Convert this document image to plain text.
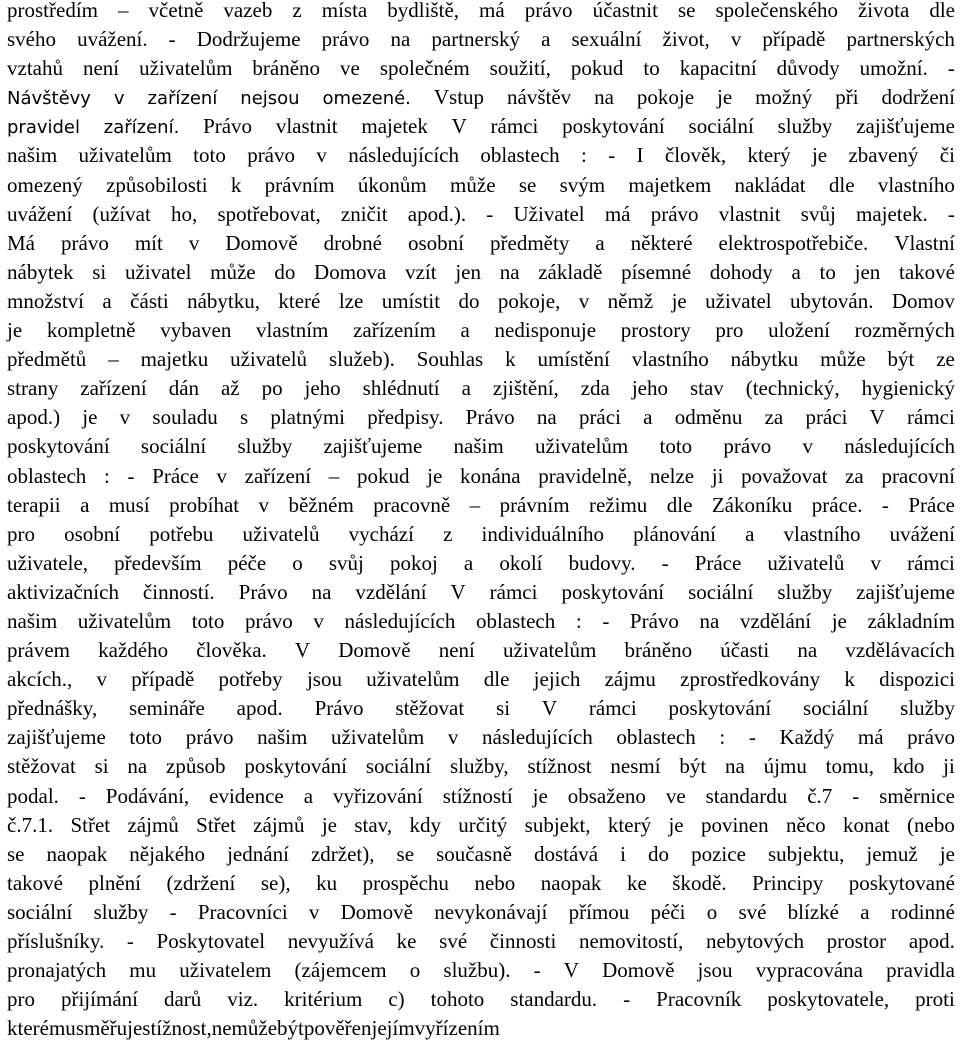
prostředím – včetně vazeb z místa bydliště, má právo účastnit se společenského života dle
svého uvážení. - Dodržujeme právo na partnerský a sexuální život, v případě partnerských
vztahů není uživatelům bráněno ve společném soužití, pokud to kapacitní důvody umožní. -
Návštěvy v zařízení nejsou omezené. Vstup návštěv na pokoje je možný při dodržení
pravidel zařízení. Právo vlastnit majetek V rámci poskytování sociální služby zajišťujeme
našim uživatelům toto právo v následujících oblastech : - I člověk, který je zbavený či
omezený způsobilosti k právním úkonům může se svým majetkem nakládat dle vlastního
uvážení (užívat ho, spotřebovat, zničit apod.). - Uživatel má právo vlastnit svůj majetek. -
Má právo mít v Domově drobné osobní předměty a některé elektrospotřebiče. Vlastní
nábytek si uživatel může do Domova vzít jen na základě písemné dohody a to jen takové
množství a části nábytku, které lze umístit do pokoje, v němž je uživatel ubytován. Domov
je kompletně vybaven vlastním zařízením a nedisponuje prostory pro uložení rozměrných
předmětů – majetku uživatelů služeb). Souhlas k umístění vlastního nábytku může být ze
strany zařízení dán až po jeho shlédnutí a zjištění, zda jeho stav (technický, hygienický
apod.) je v souladu s platnými předpisy. Právo na práci a odměnu za práci V rámci
poskytování sociální služby zajišťujeme našim uživatelům toto právo v následujících
oblastech : - Práce v zařízení – pokud je konána pravidelně, nelze ji považovat za pracovní
terapii a musí probíhat v běžném pracovně – právním režimu dle Zákoníku práce. - Práce
pro osobní potřebu uživatelů vychází z individuálního plánování a vlastního uvážení
uživatele, především péče o svůj pokoj a okolí budovy. - Práce uživatelů v rámci
aktivizačních činností. Právo na vzdělání V rámci poskytování sociální služby zajišťujeme
našim uživatelům toto právo v následujících oblastech : - Právo na vzdělání je základním
právem každého člověka. V Domově není uživatelům bráněno účasti na vzdělávacích
akcích., v případě potřeby jsou uživatelům dle jejich zájmu zprostředkovány k dispozici
přednášky, semináře apod. Právo stěžovat si V rámci poskytování sociální služby
zajišťujeme toto právo našim uživatelům v následujících oblastech : - Každý má právo
stěžovat si na způsob poskytování sociální služby, stížnost nesmí být na újmu tomu, kdo ji
podal. - Podávání, evidence a vyřizování stížností je obsaženo ve standardu č.7 - směrnice
č.7.1. Střet zájmů Střet zájmů je stav, kdy určitý subjekt, který je povinen něco konat (nebo
se naopak nějakého jednání zdržet), se současně dostává i do pozice subjektu, jemuž je
takové plnění (zdržení se), ku prospěchu nebo naopak ke škodě. Principy poskytované
sociální služby - Pracovníci v Domově nevykonávají přímou péči o své blízké a rodinné
příslušníky. - Poskytovatel nevyužívá ke své činnosti nemovitostí, nebytových prostor apod.
pronajatých mu uživatelem (zájemcem o službu). - V Domově jsou vypracována pravidla
pro přijímání darů viz. kritérium c) tohoto standardu. - Pracovník poskytovatele, proti
kterému směřuje stížnost, nemůže být pověřen jejím vyřízením
